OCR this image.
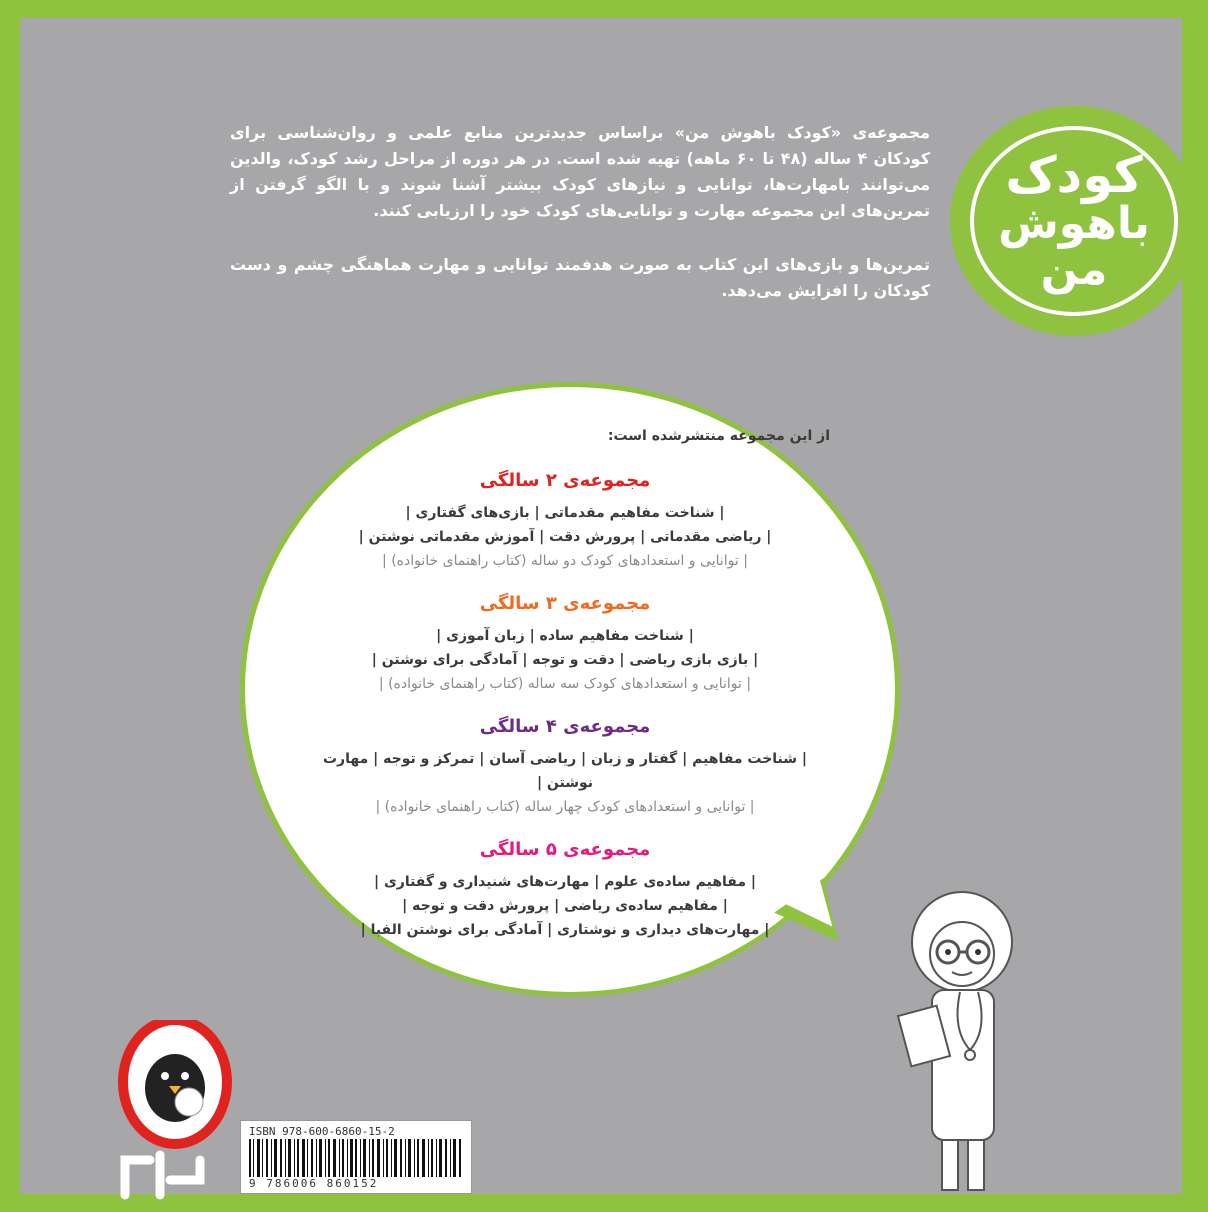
کودک
باهوش
من

مجموعه‌ی «کودک باهوش من» براساس جدیدترین منابع علمی و روان‌شناسی برای کودکان ۴ ساله (۴۸ تا ۶۰ ماهه) تهیه شده است. در هر دوره از مراحل رشد کودک، والدین می‌توانند بامهارت‌ها، توانایی و نیازهای کودک بیشتر آشنا شوند و با الگو گرفتن از تمرین‌های این مجموعه مهارت و توانایی‌های کودک خود را ارزیابی کنند.

تمرین‌ها و بازی‌های این کتاب به صورت هدفمند توانایی و مهارت هماهنگی چشم و دست کودکان را افزایش می‌دهد.

از این مجموعه منتشرشده است:
مجموعه‌ی ۲ سالگی
| شناخت مفاهیم مقدماتی | بازی‌های گفتاری |
| ریاضی مقدماتی | پرورش دقت | آموزش مقدماتی نوشتن |
| توانایی و استعدادهای کودک دو ساله (کتاب راهنمای خانواده) |
مجموعه‌ی ۳ سالگی
| شناخت مفاهیم ساده | زبان آموزی |
| بازی بازی ریاضی | دقت و توجه | آمادگی برای نوشتن |
| توانایی و استعدادهای کودک سه ساله (کتاب راهنمای خانواده) |
مجموعه‌ی ۴ سالگی
| شناخت مفاهیم | گفتار و زبان | ریاضی آسان | تمرکز و توجه | مهارت نوشتن |
| توانایی و استعدادهای کودک چهار ساله (کتاب راهنمای خانواده) |
مجموعه‌ی ۵ سالگی
| مفاهیم ساده‌ی علوم | مهارت‌های شنیداری و گفتاری |
| مفاهیم ساده‌ی ریاضی | پرورش دقت و توجه |
| مهارت‌های دیداری و نوشتاری | آمادگی برای نوشتن الفبا |
ISBN 978-600-6860-15-2
9 786006 860152
